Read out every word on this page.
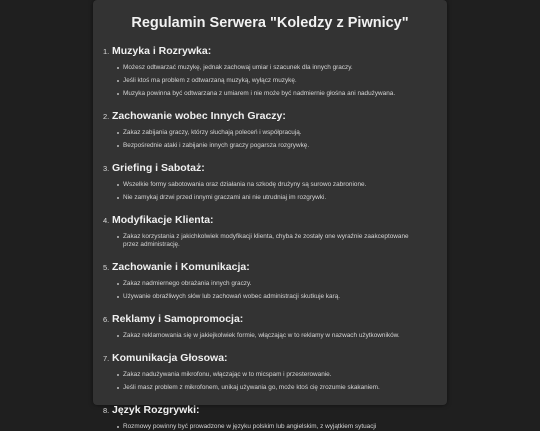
Regulamin Serwera "Koledzy z Piwnicy"
1. Muzyka i Rozrywka:
Możesz odtwarzać muzykę, jednak zachowaj umiar i szacunek dla innych graczy.
Jeśli ktoś ma problem z odtwarzaną muzyką, wyłącz muzykę.
Muzyka powinna być odtwarzana z umiarem i nie może być nadmiernie głośna ani nadużywana.
2. Zachowanie wobec Innych Graczy:
Zakaz zabijania graczy, którzy słuchają poleceń i współpracują.
Bezpośrednie ataki i zabijanie innych graczy pogarsza rozgrywkę.
3. Griefing i Sabotaż:
Wszelkie formy sabotowania oraz działania na szkodę drużyny są surowo zabronione.
Nie zamykaj drzwi przed innymi graczami ani nie utrudniaj im rozgrywki.
4. Modyfikacje Klienta:
Zakaz korzystania z jakichkolwiek modyfikacji klienta, chyba że zostały one wyraźnie zaakceptowane przez administrację.
5. Zachowanie i Komunikacja:
Zakaz nadmiernego obrażania innych graczy.
Używanie obraźliwych słów lub zachowań wobec administracji skutkuje karą.
6. Reklamy i Samopromocja:
Zakaz reklamowania się w jakiejkolwiek formie, włączając w to reklamy w nazwach użytkowników.
7. Komunikacja Głosowa:
Zakaz nadużywania mikrofonu, włączając w to micspam i przesterowanie.
Jeśli masz problem z mikrofonem, unikaj używania go, może ktoś cię zrozumie skakaniem.
8. Język Rozgrywki:
Rozmowy powinny być prowadzone w języku polskim lub angielskim, z wyjątkiem sytuacji
